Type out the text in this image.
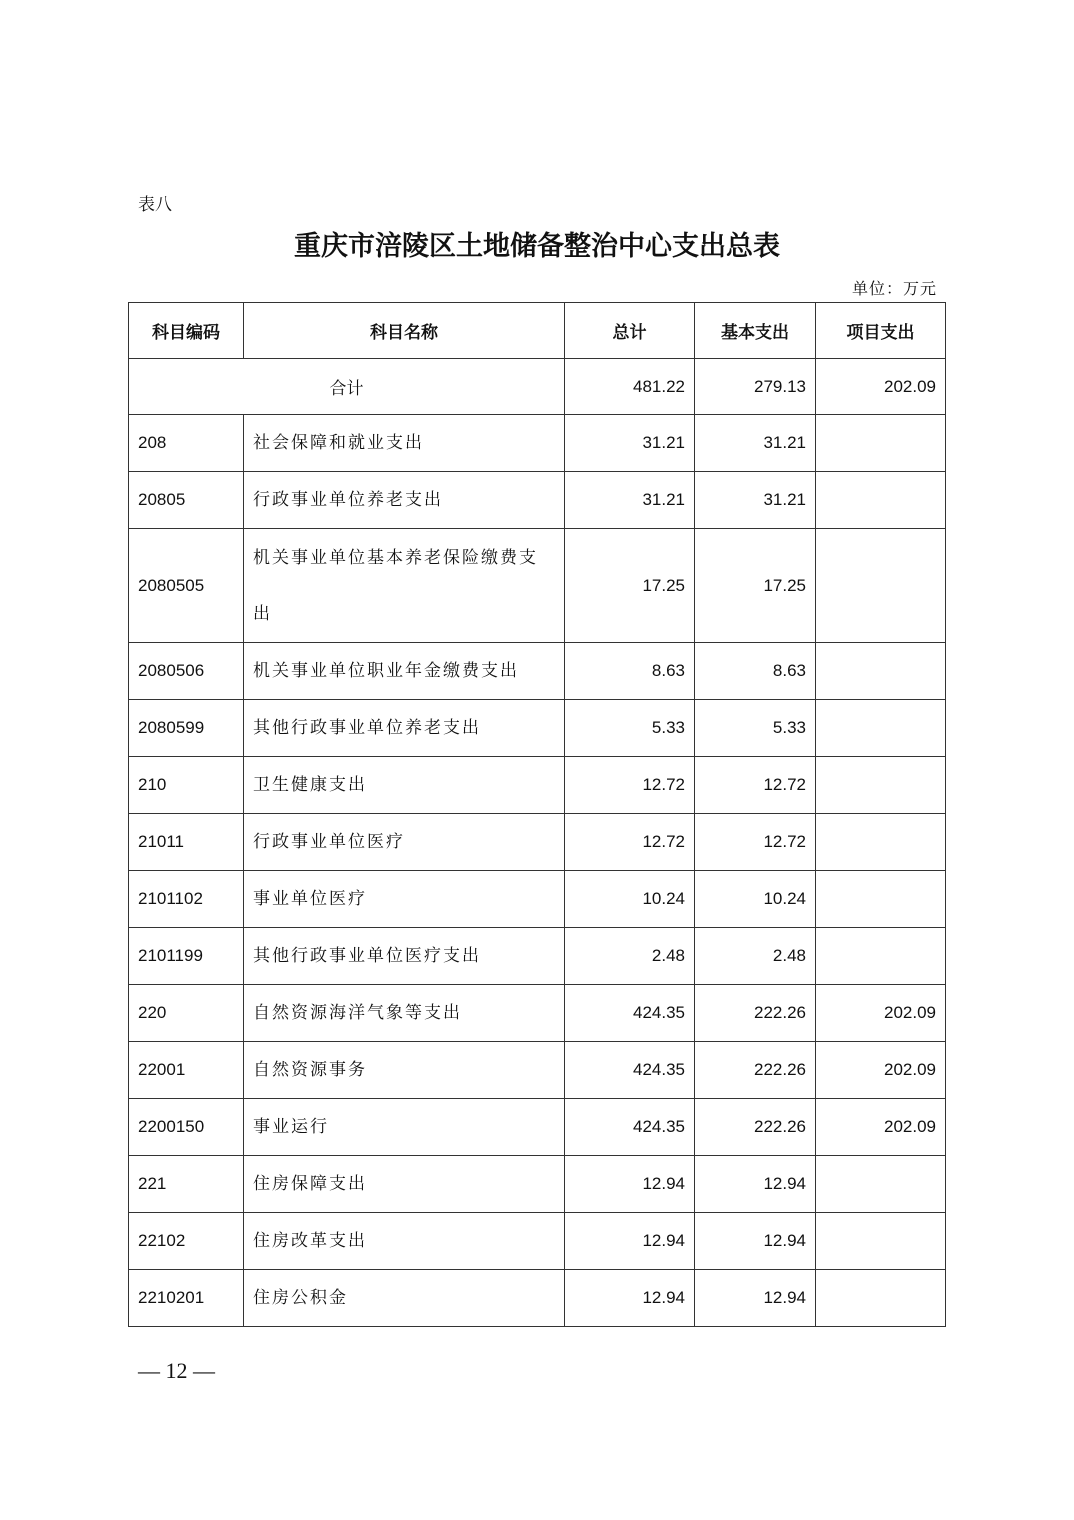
表八
重庆市涪陵区土地储备整治中心支出总表
单位：万元
科目编码	科目名称	总计	基本支出	项目支出
合计		481.22	279.13	202.09
208	社会保障和就业支出	31.21	31.21	
20805	行政事业单位养老支出	31.21	31.21	
2080505	机关事业单位基本养老保险缴费支出	17.25	17.25	
2080506	机关事业单位职业年金缴费支出	8.63	8.63	
2080599	其他行政事业单位养老支出	5.33	5.33	
210	卫生健康支出	12.72	12.72	
21011	行政事业单位医疗	12.72	12.72	
2101102	事业单位医疗	10.24	10.24	
2101199	其他行政事业单位医疗支出	2.48	2.48	
220	自然资源海洋气象等支出	424.35	222.26	202.09
22001	自然资源事务	424.35	222.26	202.09
2200150	事业运行	424.35	222.26	202.09
221	住房保障支出	12.94	12.94	
22102	住房改革支出	12.94	12.94	
2210201	住房公积金	12.94	12.94	
— 12 —
